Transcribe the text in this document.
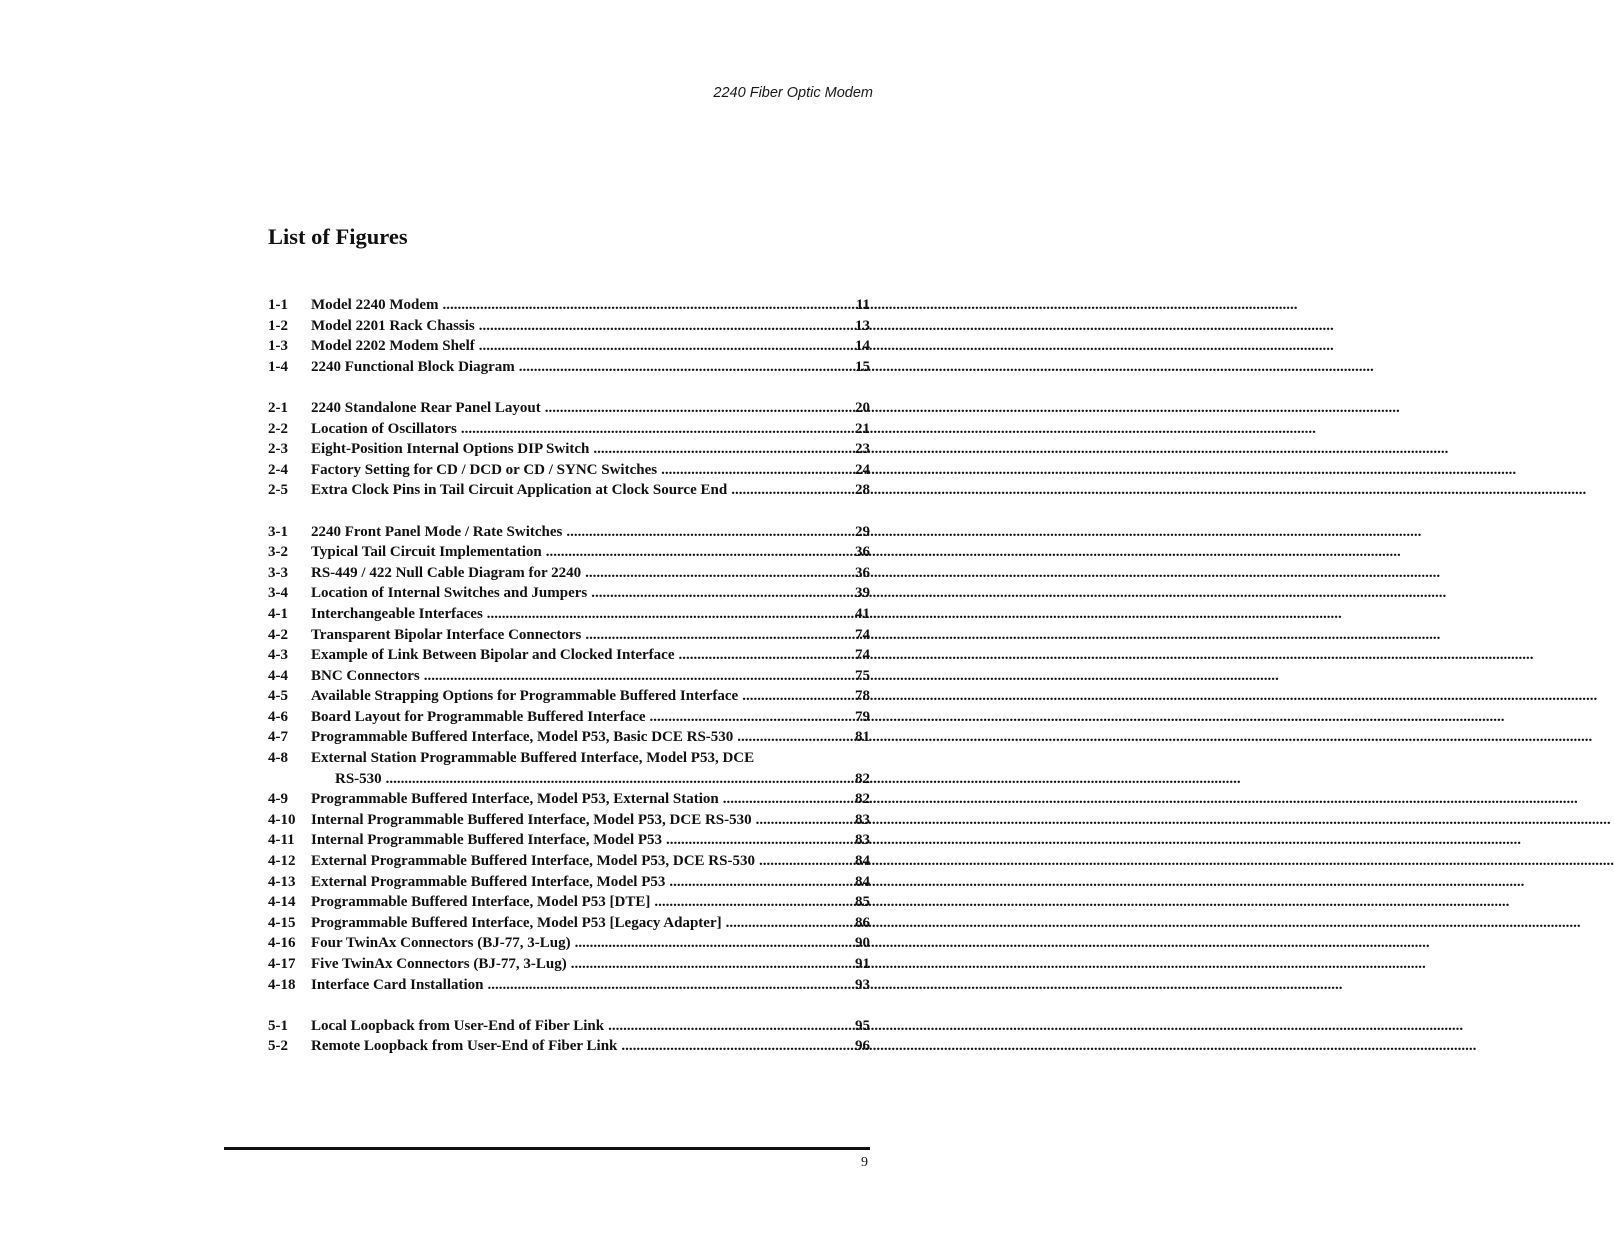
2240 Fiber Optic Modem
List of Figures
1-1	Model 2240 Modem .....	11
1-2	Model 2201 Rack Chassis .....	13
1-3	Model 2202 Modem Shelf .....	14
1-4	2240 Functional Block Diagram .....	15
2-1	2240 Standalone Rear Panel Layout .....	20
2-2	Location of Oscillators .....	21
2-3	Eight-Position Internal Options DIP Switch .....	23
2-4	Factory Setting for CD / DCD or CD / SYNC Switches .....	24
2-5	Extra Clock Pins in Tail Circuit Application at Clock Source End .....	28
3-1	2240 Front Panel Mode / Rate Switches .....	29
3-2	Typical Tail Circuit Implementation .....	36
3-3	RS-449 / 422 Null Cable Diagram for 2240 .....	36
3-4	Location of Internal Switches and Jumpers .....	39
4-1	Interchangeable Interfaces .....	41
4-2	Transparent Bipolar Interface Connectors .....	74
4-3	Example of Link Between Bipolar and Clocked Interface .....	74
4-4	BNC Connectors .....	75
4-5	Available Strapping Options for Programmable Buffered Interface .....	78
4-6	Board Layout for Programmable Buffered Interface .....	79
4-7	Programmable Buffered Interface, Model P53, Basic DCE RS-530 .....	81
4-8	External Station Programmable Buffered Interface, Model P53, DCE
RS-530 .....	82
4-9	Programmable Buffered Interface, Model P53, External Station .....	82
4-10	Internal Programmable Buffered Interface, Model P53, DCE RS-530 .....	83
4-11	Internal Programmable Buffered Interface, Model P53 .....	83
4-12	External Programmable Buffered Interface, Model P53, DCE RS-530 .....	84
4-13	External Programmable Buffered Interface, Model P53 .....	84
4-14	Programmable Buffered Interface, Model P53 [DTE] .....	85
4-15	Programmable Buffered Interface, Model P53 [Legacy Adapter] .....	86
4-16	Four TwinAx Connectors (BJ-77, 3-Lug) .....	90
4-17	Five TwinAx Connectors (BJ-77, 3-Lug) .....	91
4-18	Interface Card Installation .....	93
5-1	Local Loopback from User-End of Fiber Link .....	95
5-2	Remote Loopback from User-End of Fiber Link .....	96
9
